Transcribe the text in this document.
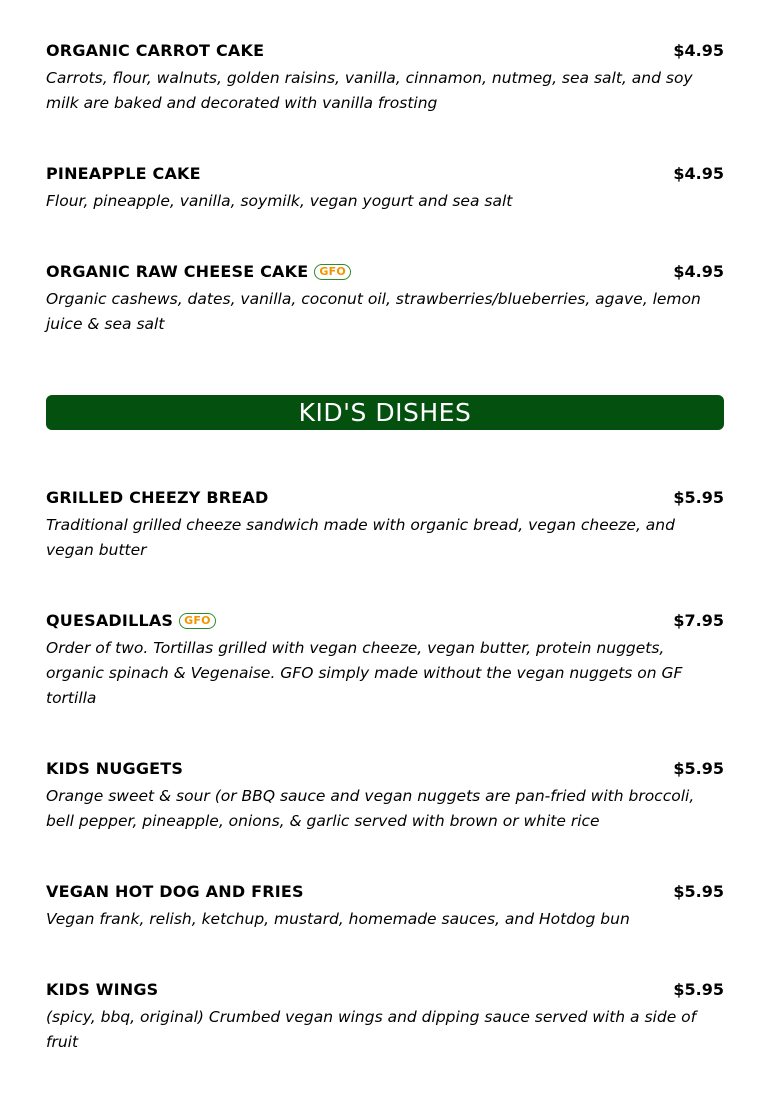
ORGANIC CARROT CAKE	$4.95
Carrots, flour, walnuts, golden raisins, vanilla, cinnamon, nutmeg, sea salt, and soy milk are baked and decorated with vanilla frosting
PINEAPPLE CAKE	$4.95
Flour, pineapple, vanilla, soymilk, vegan yogurt and sea salt
ORGANIC RAW CHEESE CAKE	GFO	$4.95
Organic cashews, dates, vanilla, coconut oil, strawberries/blueberries, agave, lemon juice & sea salt
KID'S DISHES
GRILLED CHEEZY BREAD	$5.95
Traditional grilled cheeze sandwich made with organic bread, vegan cheeze, and vegan butter
QUESADILLAS	GFO	$7.95
Order of two. Tortillas grilled with vegan cheeze, vegan butter, protein nuggets, organic spinach & Vegenaise. GFO simply made without the vegan nuggets on GF tortilla
KIDS NUGGETS	$5.95
Orange sweet & sour (or BBQ sauce and vegan nuggets are pan-fried with broccoli, bell pepper, pineapple, onions, & garlic served with brown or white rice
VEGAN HOT DOG AND FRIES	$5.95
Vegan frank, relish, ketchup, mustard, homemade sauces, and Hotdog bun
KIDS WINGS	$5.95
(spicy, bbq, original) Crumbed vegan wings and dipping sauce served with a side of fruit
